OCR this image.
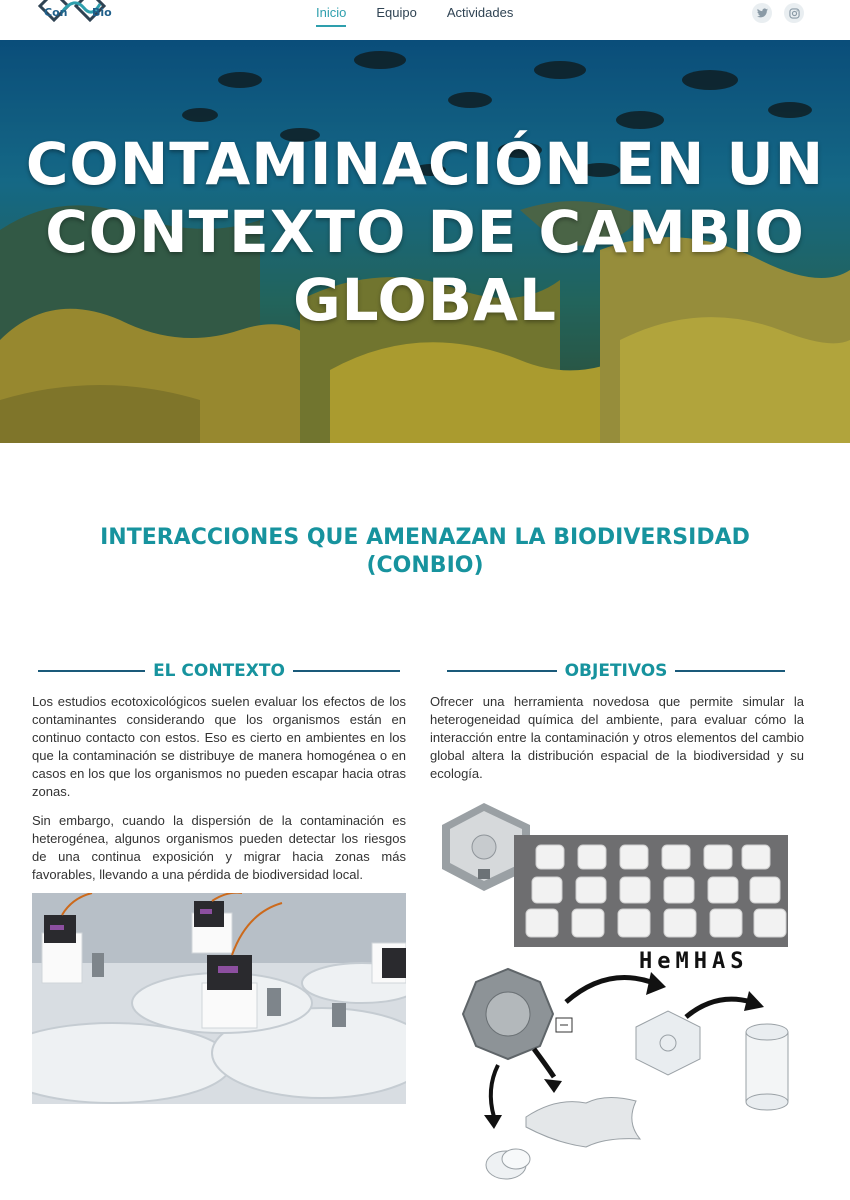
Con Bio	Inicio Equipo Actividades
CONTAMINACIÓN EN UN CONTEXTO DE CAMBIO GLOBAL
INTERACCIONES QUE AMENAZAN LA BIODIVERSIDAD (CONBIO)
EL CONTEXTO
Los estudios ecotoxicológicos suelen evaluar los efectos de los contaminantes considerando que los organismos están en continuo contacto con estos. Eso es cierto en ambientes en los que la contaminación se distribuye de manera homogénea o en casos en los que los organismos no pueden escapar hacia otras zonas.
Sin embargo, cuando la dispersión de la contaminación es heterogénea, algunos organismos pueden detectar los riesgos de una continua exposición y migrar hacia zonas más favorables, llevando a una pérdida de biodiversidad local.
OBJETIVOS
Ofrecer una herramienta novedosa que permite simular la heterogeneidad química del ambiente, para evaluar cómo la interacción entre la contaminación y otros elementos del cambio global altera la distribución espacial de la biodiversidad y su ecología.
HeMHAS
